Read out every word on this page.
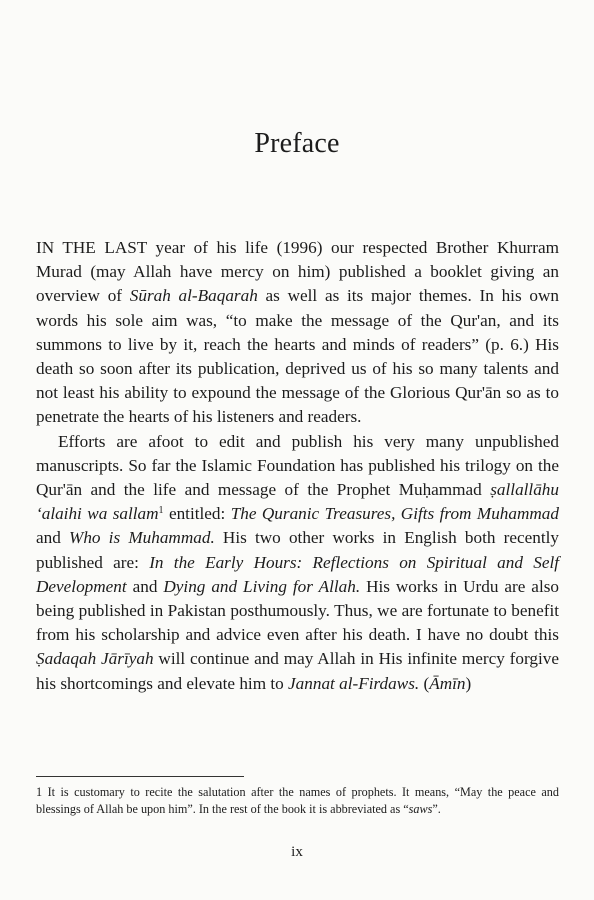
Preface

IN THE LAST year of his life (1996) our respected Brother Khurram Murad (may Allah have mercy on him) published a booklet giving an overview of Sūrah al-Baqarah as well as its major themes. In his own words his sole aim was, “to make the message of the Qur'an, and its summons to live by it, reach the hearts and minds of readers” (p. 6.) His death so soon after its publication, deprived us of his so many talents and not least his ability to expound the message of the Glorious Qur'ān so as to penetrate the hearts of his listeners and readers.

Efforts are afoot to edit and publish his very many unpublished manuscripts. So far the Islamic Foundation has published his trilogy on the Qur'ān and the life and message of the Prophet Muḥammad ṣallallāhu ‘alaihi wa sallam$^1$ entitled: The Quranic Treasures, Gifts from Muhammad and Who is Muhammad. His two other works in English both recently published are: In the Early Hours: Reflections on Spiritual and Self Development and Dying and Living for Allah. His works in Urdu are also being published in Pakistan posthumously. Thus, we are fortunate to benefit from his scholarship and advice even after his death. I have no doubt this Ṣadaqah Jārīyah will continue and may Allah in His infinite mercy forgive his shortcomings and elevate him to Jannat al-Firdaws. (Āmīn)

1 It is customary to recite the salutation after the names of prophets. It means, “May the peace and blessings of Allah be upon him”. In the rest of the book it is abbreviated as “saws”.

ix
